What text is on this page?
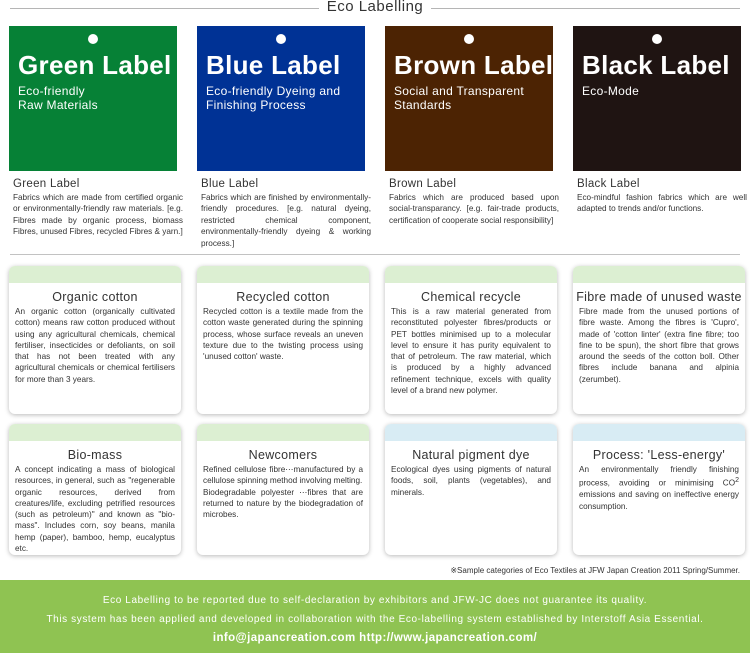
Eco Labelling
Green Label
Eco-friendly
Raw Materials
Blue Label
Eco-friendly Dyeing and
Finishing Process
Brown Label
Social and Transparent
Standards
Black Label
Eco-Mode
Green Label
Fabrics which are made from certified organic or environmentally-friendly raw materials. [e.g. Fibres made by organic process, biomass Fibres, unused Fibres, recycled Fibres & yarn.]
Blue Label
Fabrics which are finished by environmentally-friendly procedures. [e.g. natural dyeing, restricted chemical component, environmentally-friendly dyeing & working process.]
Brown Label
Fabrics which are produced based upon social-transparancy. [e.g. fair-trade products, certification of cooperate social responsibility]
Black Label
Eco-mindful fashion fabrics which are well adapted to trends and/or functions.
Organic cotton
An organic cotton (organically cultivated cotton) means raw cotton produced without using any agricultural chemicals, chemical fertiliser, insecticides or defoliants, on soil that has not been treated with any agricultural chemicals or chemical fertilisers for more than 3 years.
Recycled cotton
Recycled cotton is a textile made from the cotton waste generated during the spinning process, whose surface reveals an uneven texture due to the twisting process using 'unused cotton' waste.
Chemical recycle
This is a raw material generated from reconstituted polyester fibres/products or PET bottles minimised up to a molecular level to ensure it has purity equivalent to that of petroleum. The raw material, which is produced by a highly advanced refinement technique, excels with quality level of a brand new polymer.
Fibre made of unused waste
Fibre made from the unused portions of fibre waste. Among the fibres is 'Cupro', made of 'cotton linter' (extra fine fibre; too fine to be spun), the short fibre that grows around the seeds of the cotton boll. Other fibres include banana and alpinia (zerumbet).
Bio-mass
A concept indicating a mass of biological resources, in general, such as "regenerable organic resources, derived from creatures/life, excluding petrified resources (such as petroleum)" and known as "bio-mass". Includes corn, soy beans, manila hemp (paper), bamboo, hemp, eucalyptus etc.
Newcomers
Refined cellulose fibre⋯manufactured by a cellulose spinning method involving melting.
Biodegradable polyester ⋯fibres that are returned to nature by the biodegradation of microbes.
Natural pigment dye
Ecological dyes using pigments of natural foods, soil, plants (vegetables), and minerals.
Process: 'Less-energy'
An environmentally friendly finishing process, avoiding or minimising $CO^2$ emissions and saving on ineffective energy consumption.
※Sample categories of Eco Textiles at JFW Japan Creation 2011 Spring/Summer.
Eco Labelling to be reported due to self-declaration by exhibitors and JFW-JC does not guarantee its quality.
This system has been applied and developed in collaboration with the Eco-labelling system established by Interstoff Asia Essential.
info@japancreation.com http://www.japancreation.com/
